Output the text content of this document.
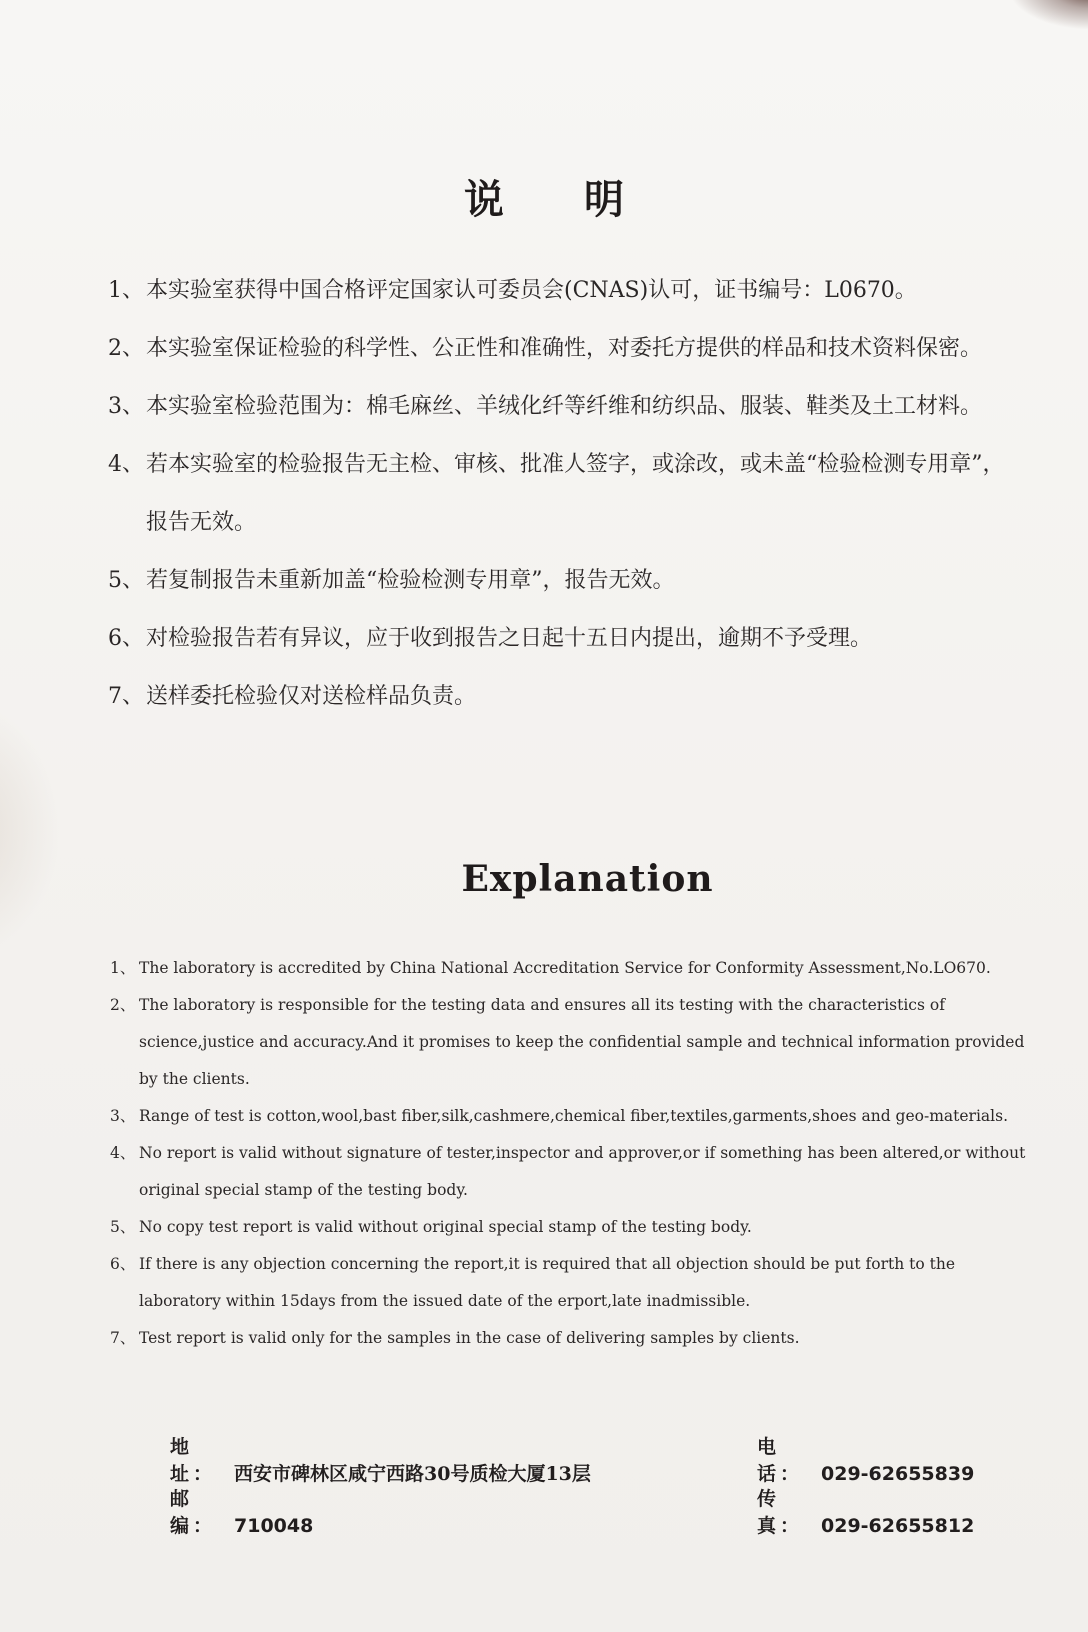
说明
1、 本实验室获得中国合格评定国家认可委员会(CNAS)认可，证书编号：L0670。
2、 本实验室保证检验的科学性、公正性和准确性，对委托方提供的样品和技术资料保密。
3、 本实验室检验范围为：棉毛麻丝、羊绒化纤等纤维和纺织品、服装、鞋类及土工材料。
4、 若本实验室的检验报告无主检、审核、批准人签字，或涂改，或未盖“检验检测专用章”，报告无效。
5、 若复制报告未重新加盖“检验检测专用章”，报告无效。
6、 对检验报告若有异议，应于收到报告之日起十五日内提出，逾期不予受理。
7、 送样委托检验仅对送检样品负责。
Explanation
1、 The laboratory is accredited by China National Accreditation Service for Conformity Assessment,No.LO670.
2、 The laboratory is responsible for the testing data and ensures all its testing with the characteristics of science,justice and accuracy.And it promises to keep the confidential sample and technical information provided by the clients.
3、 Range of test is cotton,wool,bast fiber,silk,cashmere,chemical fiber,textiles,garments,shoes and geo-materials.
4、 No report is valid without signature of tester,inspector and approver,or if something has been altered,or without original special stamp of the testing body.
5、 No copy test report is valid without original special stamp of the testing body.
6、 If there is any objection concerning the report,it is required that all objection should be put forth to the laboratory within 15days from the issued date of the erport,late inadmissible.
7、 Test report is valid only for the samples in the case of delivering samples by clients.
地址： 西安市碑林区咸宁西路30号质检大厦13层
电话： 029-62655839
邮编： 710048
传真： 029-62655812
